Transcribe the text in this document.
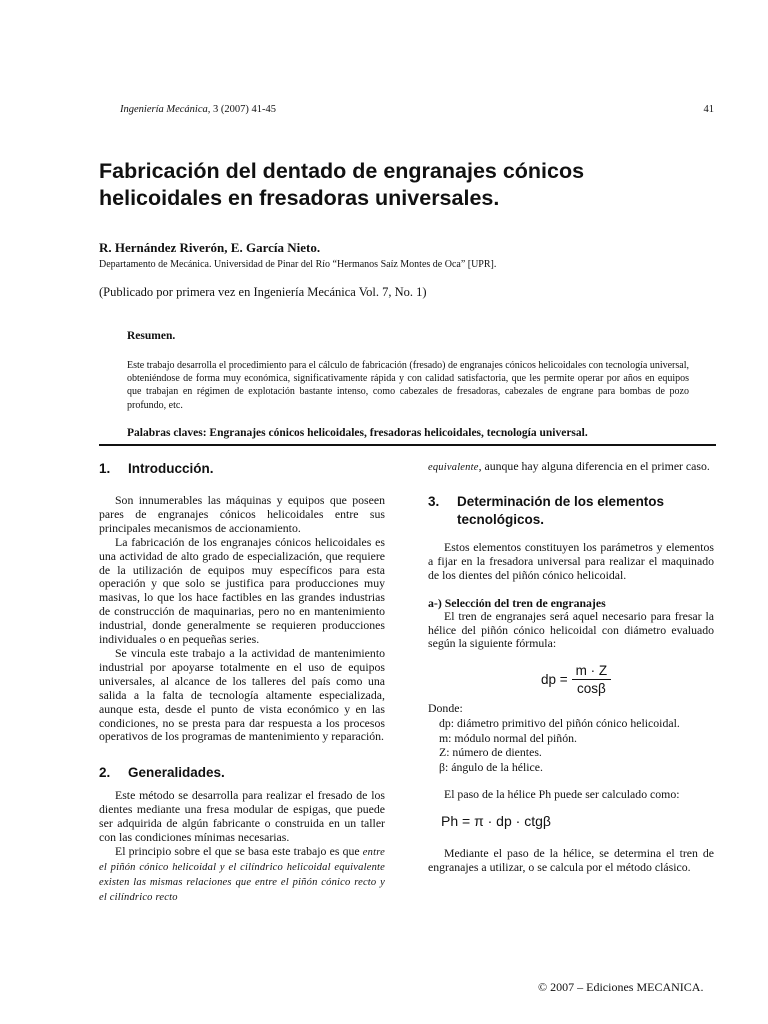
Ingeniería Mecánica, 3 (2007) 41-45	41
Fabricación del dentado de engranajes cónicos helicoidales en fresadoras universales.
R. Hernández Riverón, E. García Nieto.
Departamento de Mecánica. Universidad de Pinar del Río “Hermanos Saíz Montes de Oca” [UPR].
(Publicado por primera vez en Ingeniería Mecánica Vol. 7, No. 1)
Resumen.

Este trabajo desarrolla el procedimiento para el cálculo de fabricación (fresado) de engranajes cónicos helicoidales con tecnología universal, obteniéndose de forma muy económica, significativamente rápida y con calidad satisfactoria, que les permite operar por años en equipos que trabajan en régimen de explotación bastante intenso, como cabezales de fresadoras, cabezales de engrane para bombas de pozo profundo, etc.

Palabras claves: Engranajes cónicos helicoidales, fresadoras helicoidales, tecnología universal.
1.	Introducción.

Son innumerables las máquinas y equipos que poseen pares de engranajes cónicos helicoidales entre sus principales mecanismos de accionamiento.

La fabricación de los engranajes cónicos helicoidales es una actividad de alto grado de especialización, que requiere de la utilización de equipos muy específicos para esta operación y que solo se justifica para producciones muy masivas, lo que los hace factibles en las grandes industrias de construcción de maquinarias, pero no en mantenimiento industrial, donde generalmente se requieren producciones individuales o en pequeñas series.

Se vincula este trabajo a la actividad de mantenimiento industrial por apoyarse totalmente en el uso de equipos universales, al alcance de los talleres del país como una salida a la falta de tecnología altamente especializada, aunque esta, desde el punto de vista económico y en las condiciones, no se presta para dar respuesta a los procesos operativos de los programas de mantenimiento y reparación.

2.	Generalidades.

Este método se desarrolla para realizar el fresado de los dientes mediante una fresa modular de espigas, que puede ser adquirida de algún fabricante o construida en un taller con las condiciones mínimas necesarias.

El principio sobre el que se basa este trabajo es que entre el piñón cónico helicoidal y el cilíndrico helicoidal equivalente existen las mismas relaciones que entre el piñón cónico recto y el cilíndrico recto

equivalente, aunque hay alguna diferencia en el primer caso.

3.	Determinación de los elementos tecnológicos.

Estos elementos constituyen los parámetros y elementos a fijar en la fresadora universal para realizar el maquinado de los dientes del piñón cónico helicoidal.

a-) Selección del tren de engranajes

El tren de engranajes será aquel necesario para fresar la hélice del piñón cónico helicoidal con diámetro evaluado según la siguiente fórmula:

dp = $\frac{m \cdot Z}{\cos\beta}$

Donde:

dp: diámetro primitivo del piñón cónico helicoidal.
m: módulo normal del piñón.
Z: número de dientes.
β: ángulo de la hélice.

El paso de la hélice Ph puede ser calculado como:

Ph = π · dp · ctgβ

Mediante el paso de la hélice, se determina el tren de engranajes a utilizar, o se calcula por el método clásico.

© 2007 – Ediciones MECANICA.
